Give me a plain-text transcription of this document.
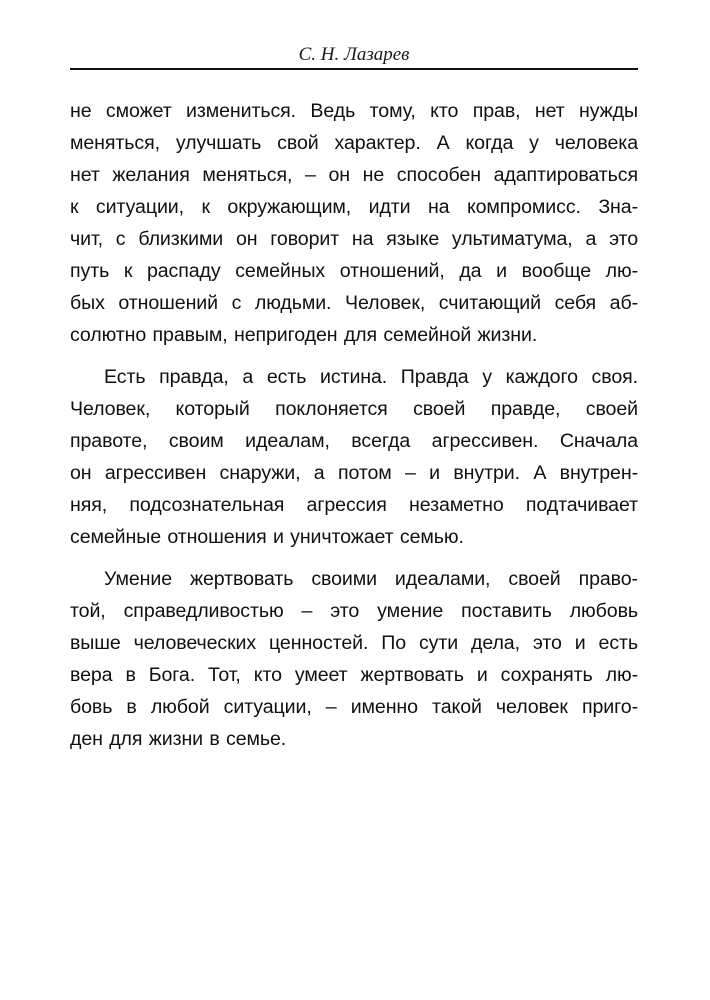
С. Н. Лазарев
не сможет измениться. Ведь тому, кто прав, нет нужды
меняться, улучшать свой характер. А когда у человека
нет желания меняться, – он не способен адаптироваться
к ситуации, к окружающим, идти на компромисс. Зна-
чит, с близкими он говорит на языке ультиматума, а это
путь к распаду семейных отношений, да и вообще лю-
бых отношений с людьми. Человек, считающий себя аб-
солютно правым, непригоден для семейной жизни.
Есть правда, а есть истина. Правда у каждого своя.
Человек, который поклоняется своей правде, своей
правоте, своим идеалам, всегда агрессивен. Сначала
он агрессивен снаружи, а потом – и внутри. А внутрен-
няя, подсознательная агрессия незаметно подтачивает
семейные отношения и уничтожает семью.
Умение жертвовать своими идеалами, своей право-
той, справедливостью – это умение поставить любовь
выше человеческих ценностей. По сути дела, это и есть
вера в Бога. Тот, кто умеет жертвовать и сохранять лю-
бовь в любой ситуации, – именно такой человек приго-
ден для жизни в семье.
